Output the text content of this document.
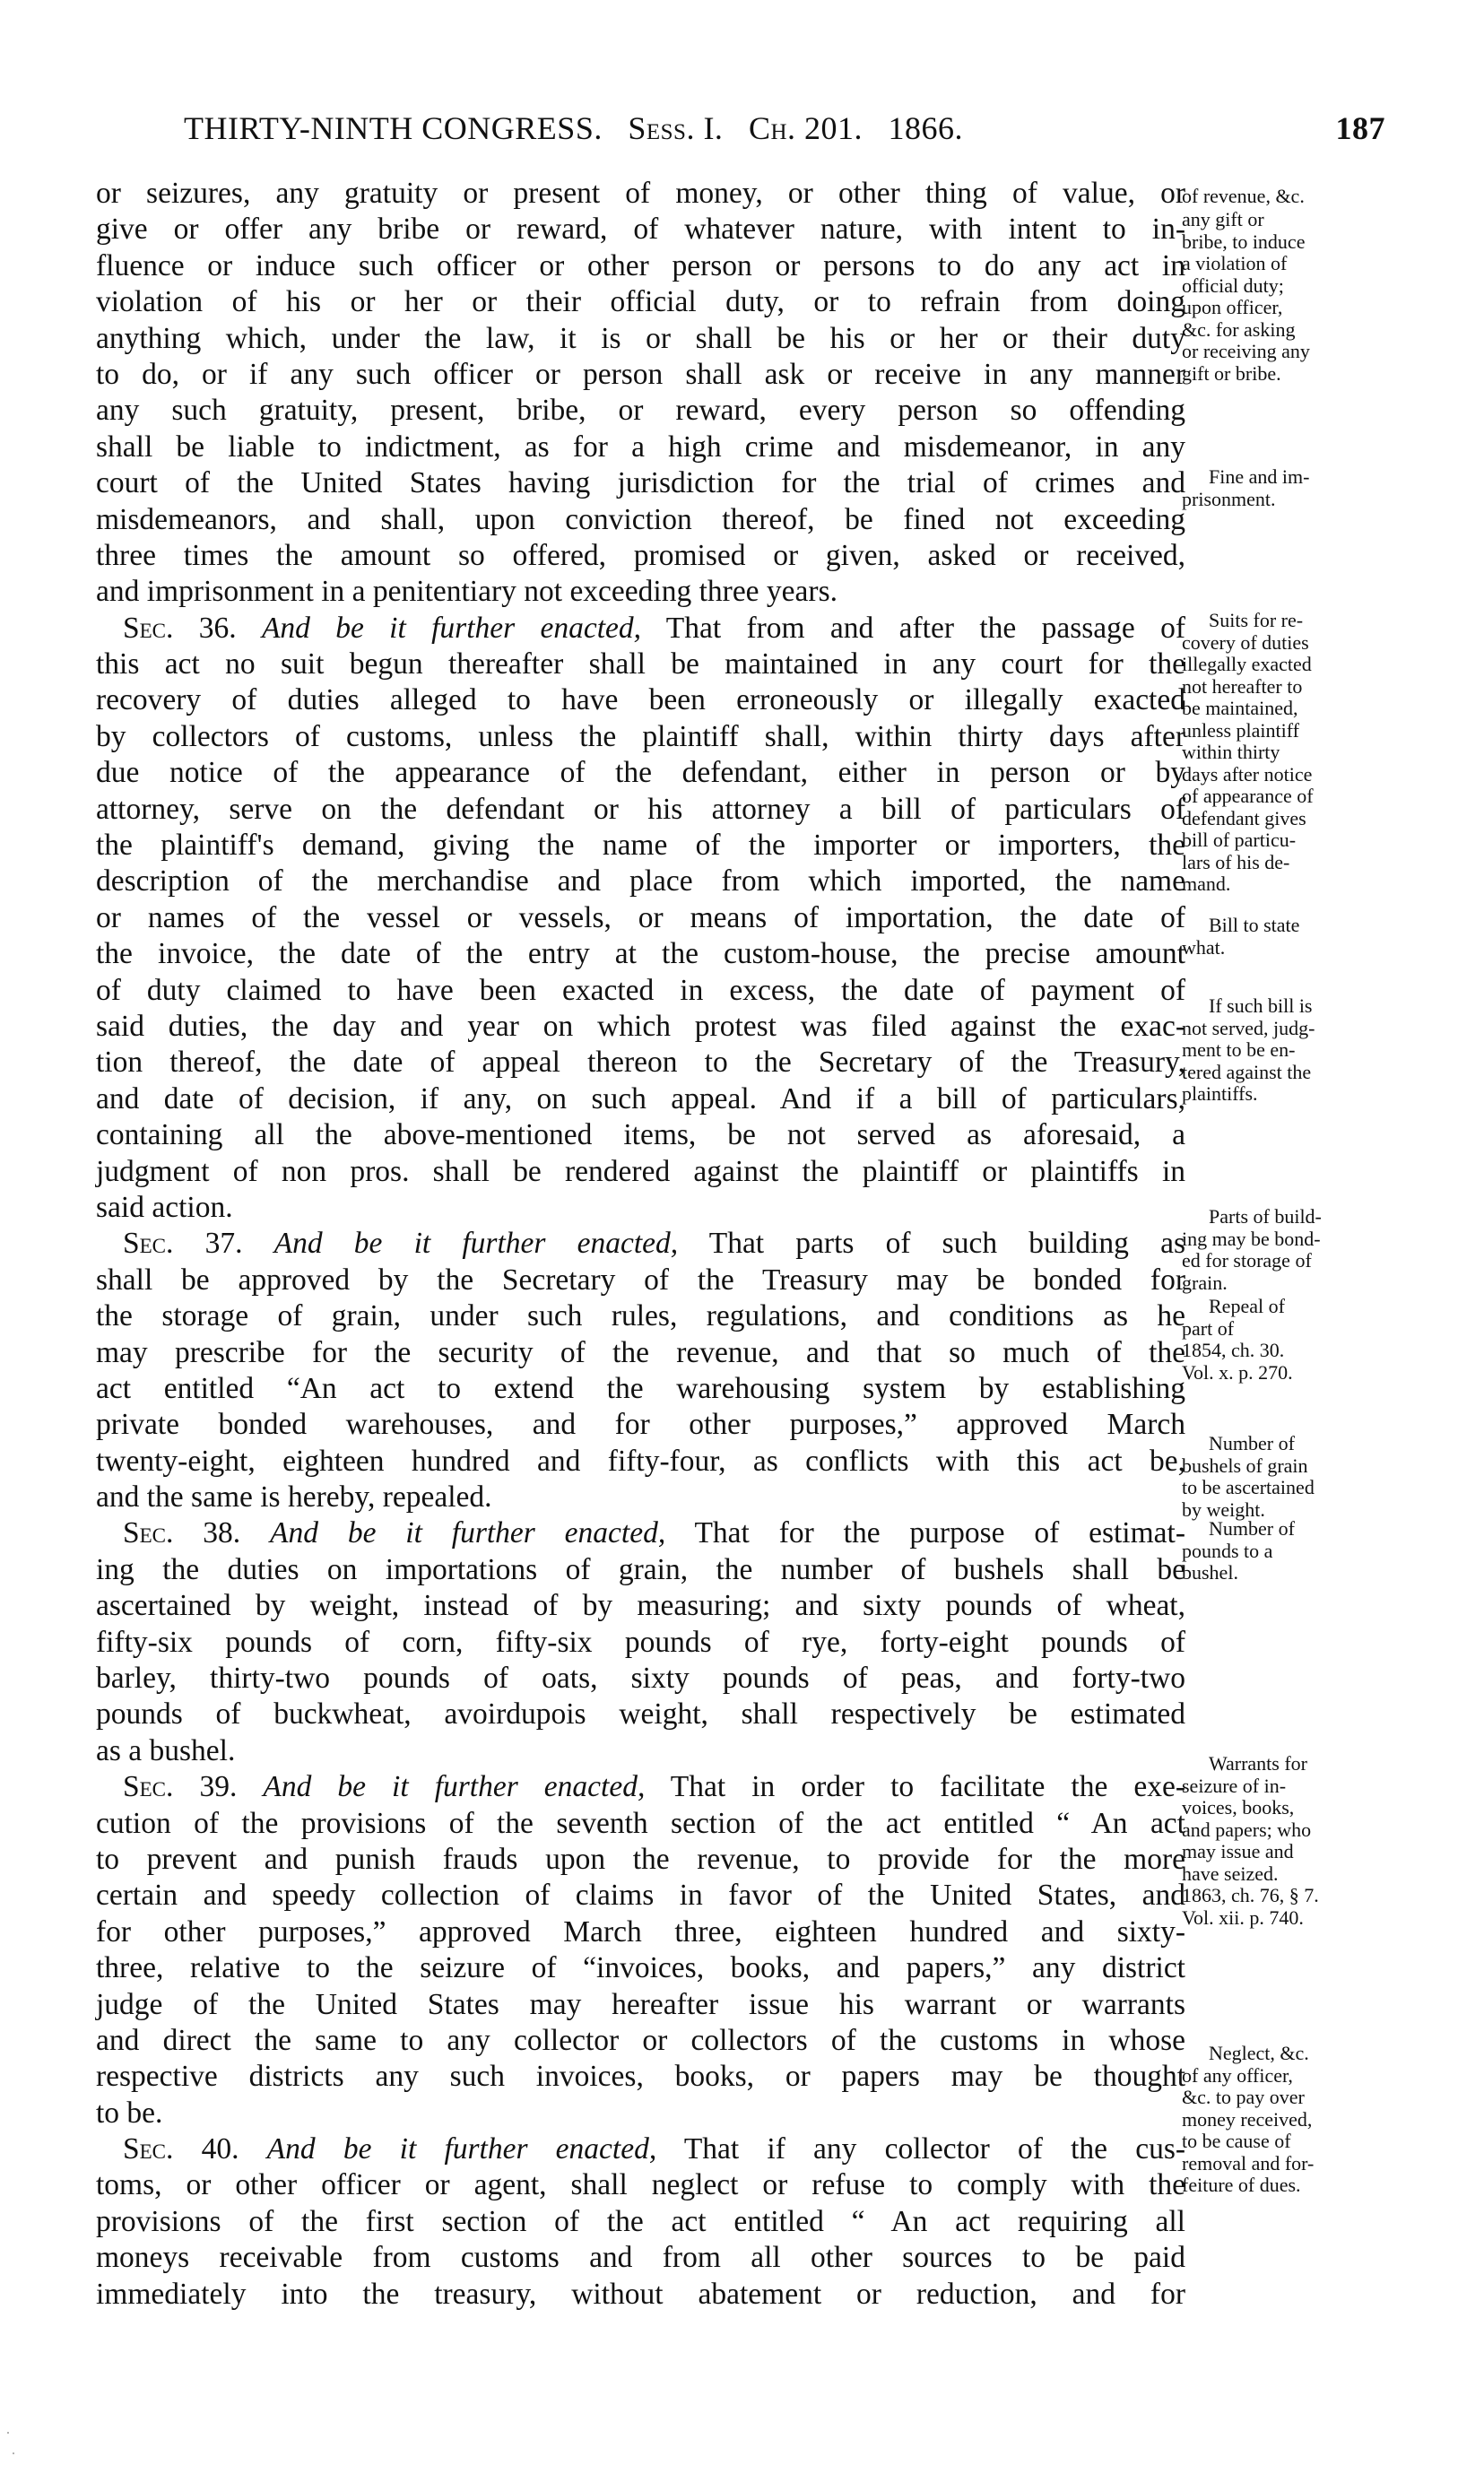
THIRTY-NINTH CONGRESS. Sess. I. Ch. 201. 1866.	187
or seizures, any gratuity or present of money, or other thing of value, or
give or offer any bribe or reward, of whatever nature, with intent to in-
fluence or induce such officer or other person or persons to do any act in
violation of his or her or their official duty, or to refrain from doing
anything which, under the law, it is or shall be his or her or their duty
to do, or if any such officer or person shall ask or receive in any manner
any such gratuity, present, bribe, or reward, every person so offending
shall be liable to indictment, as for a high crime and misdemeanor, in any
court of the United States having jurisdiction for the trial of crimes and
misdemeanors, and shall, upon conviction thereof, be fined not exceeding
three times the amount so offered, promised or given, asked or received,
and imprisonment in a penitentiary not exceeding three years.
Sec. 36. And be it further enacted, That from and after the passage of
this act no suit begun thereafter shall be maintained in any court for the
recovery of duties alleged to have been erroneously or illegally exacted
by collectors of customs, unless the plaintiff shall, within thirty days after
due notice of the appearance of the defendant, either in person or by
attorney, serve on the defendant or his attorney a bill of particulars of
the plaintiff's demand, giving the name of the importer or importers, the
description of the merchandise and place from which imported, the name
or names of the vessel or vessels, or means of importation, the date of
the invoice, the date of the entry at the custom-house, the precise amount
of duty claimed to have been exacted in excess, the date of payment of
said duties, the day and year on which protest was filed against the exac-
tion thereof, the date of appeal thereon to the Secretary of the Treasury,
and date of decision, if any, on such appeal. And if a bill of particulars,
containing all the above-mentioned items, be not served as aforesaid, a
judgment of non pros. shall be rendered against the plaintiff or plaintiffs in
said action.
Sec. 37. And be it further enacted, That parts of such building as
shall be approved by the Secretary of the Treasury may be bonded for
the storage of grain, under such rules, regulations, and conditions as he
may prescribe for the security of the revenue, and that so much of the
act entitled “An act to extend the warehousing system by establishing
private bonded warehouses, and for other purposes,” approved March
twenty-eight, eighteen hundred and fifty-four, as conflicts with this act be,
and the same is hereby, repealed.
Sec. 38. And be it further enacted, That for the purpose of estimat-
ing the duties on importations of grain, the number of bushels shall be
ascertained by weight, instead of by measuring; and sixty pounds of wheat,
fifty-six pounds of corn, fifty-six pounds of rye, forty-eight pounds of
barley, thirty-two pounds of oats, sixty pounds of peas, and forty-two
pounds of buckwheat, avoirdupois weight, shall respectively be estimated
as a bushel.
Sec. 39. And be it further enacted, That in order to facilitate the exe-
cution of the provisions of the seventh section of the act entitled “ An act
to prevent and punish frauds upon the revenue, to provide for the more
certain and speedy collection of claims in favor of the United States, and
for other purposes,” approved March three, eighteen hundred and sixty-
three, relative to the seizure of “invoices, books, and papers,” any district
judge of the United States may hereafter issue his warrant or warrants
and direct the same to any collector or collectors of the customs in whose
respective districts any such invoices, books, or papers may be thought
to be.
Sec. 40. And be it further enacted, That if any collector of the cus-
toms, or other officer or agent, shall neglect or refuse to comply with the
provisions of the first section of the act entitled “ An act requiring all
moneys receivable from customs and from all other sources to be paid
immediately into the treasury, without abatement or reduction, and for
of revenue, &c.
any gift or
bribe, to induce
a violation of
official duty;
upon officer,
&c. for asking
or receiving any
gift or bribe.
Fine and im-
prisonment.
Suits for re-
covery of duties
illegally exacted
not hereafter to
be maintained,
unless plaintiff
within thirty
days after notice
of appearance of
defendant gives
bill of particu-
lars of his de-
mand.
Bill to state
what.
If such bill is
not served, judg-
ment to be en-
tered against the
plaintiffs.
Parts of build-
ing may be bond-
ed for storage of
grain.
Repeal of
part of
1854, ch. 30.
Vol. x. p. 270.
Number of
bushels of grain
to be ascertained
by weight.
Number of
pounds to a
bushel.
Warrants for
seizure of in-
voices, books,
and papers; who
may issue and
have seized.
1863, ch. 76, § 7.
Vol. xii. p. 740.
Neglect, &c.
of any officer,
&c. to pay over
money received,
to be cause of
removal and for-
feiture of dues.
